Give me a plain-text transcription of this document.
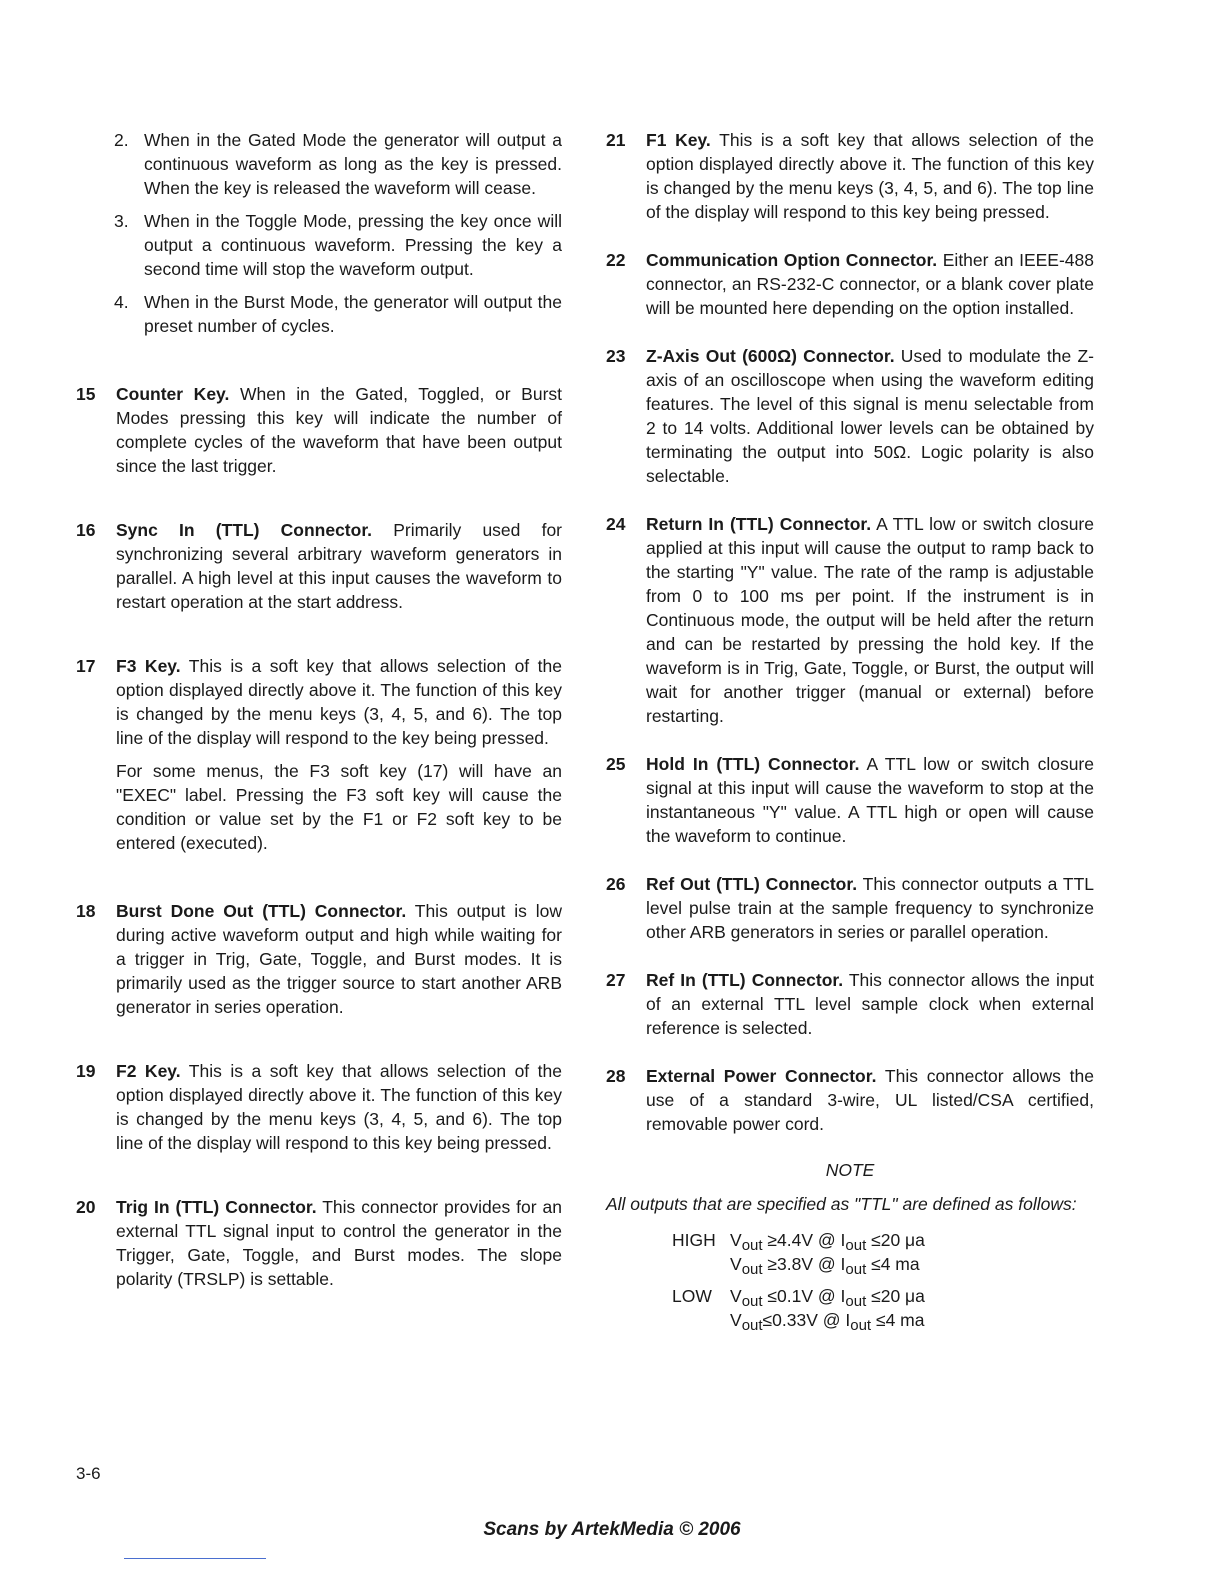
2. When in the Gated Mode the generator will output a continuous waveform as long as the key is pressed. When the key is released the waveform will cease.
3. When in the Toggle Mode, pressing the key once will output a continuous waveform. Pressing the key a second time will stop the waveform output.
4. When in the Burst Mode, the generator will output the preset number of cycles.
15 Counter Key. When in the Gated, Toggled, or Burst Modes pressing this key will indicate the number of complete cycles of the waveform that have been output since the last trigger.

16 Sync In (TTL) Connector. Primarily used for synchronizing several arbitrary waveform generators in parallel. A high level at this input causes the waveform to restart operation at the start address.

17 F3 Key. This is a soft key that allows selection of the option displayed directly above it. The function of this key is changed by the menu keys (3, 4, 5, and 6). The top line of the display will respond to the key being pressed.

For some menus, the F3 soft key (17) will have an "EXEC" label. Pressing the F3 soft key will cause the condition or value set by the F1 or F2 soft key to be entered (executed).

18 Burst Done Out (TTL) Connector. This output is low during active waveform output and high while waiting for a trigger in Trig, Gate, Toggle, and Burst modes. It is primarily used as the trigger source to start another ARB generator in series operation.

19 F2 Key. This is a soft key that allows selection of the option displayed directly above it. The function of this key is changed by the menu keys (3, 4, 5, and 6). The top line of the display will respond to this key being pressed.

20 Trig In (TTL) Connector. This connector provides for an external TTL signal input to control the generator in the Trigger, Gate, Toggle, and Burst modes. The slope polarity (TRSLP) is settable.

21 F1 Key. This is a soft key that allows selection of the option displayed directly above it. The function of this key is changed by the menu keys (3, 4, 5, and 6). The top line of the display will respond to this key being pressed.

22 Communication Option Connector. Either an IEEE-488 connector, an RS-232-C connector, or a blank cover plate will be mounted here depending on the option installed.

23 Z-Axis Out (600Ω) Connector. Used to modulate the Z-axis of an oscilloscope when using the waveform editing features. The level of this signal is menu selectable from 2 to 14 volts. Additional lower levels can be obtained by terminating the output into 50Ω. Logic polarity is also selectable.

24 Return In (TTL) Connector. A TTL low or switch closure applied at this input will cause the output to ramp back to the starting "Y" value. The rate of the ramp is adjustable from 0 to 100 ms per point. If the instrument is in Continuous mode, the output will be held after the return and can be restarted by pressing the hold key. If the waveform is in Trig, Gate, Toggle, or Burst, the output will wait for another trigger (manual or external) before restarting.

25 Hold In (TTL) Connector. A TTL low or switch closure signal at this input will cause the waveform to stop at the instantaneous "Y" value. A TTL high or open will cause the waveform to continue.

26 Ref Out (TTL) Connector. This connector outputs a TTL level pulse train at the sample frequency to synchronize other ARB generators in series or parallel operation.

27 Ref In (TTL) Connector. This connector allows the input of an external TTL level sample clock when external reference is selected.

28 External Power Connector. This connector allows the use of a standard 3-wire, UL listed/CSA certified, removable power cord.

NOTE
All outputs that are specified as "TTL" are defined as follows:
HIGH Vout ≥4.4V @ Iout ≤20 μa
Vout ≥3.8V @ Iout ≤4 ma
LOW	Vout ≤0.1V @ Iout ≤20 μa
Vout≤0.33V @ Iout ≤4 ma
3-6
Scans by ArtekMedia © 2006
